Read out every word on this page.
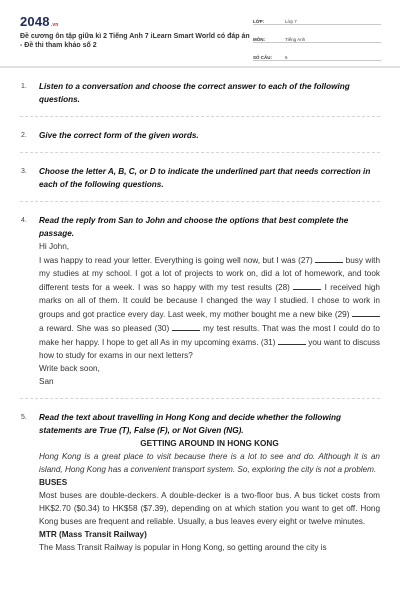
2048.vn
Đề cương ôn tập giữa kì 2 Tiếng Anh 7 iLearn Smart World có đáp án - Đề thi tham khảo số 2
LỚP:	Lớp 7
MÔN:	Tiếng Anh
SỐ CÂU:	6
1. Listen to a conversation and choose the correct answer to each of the following questions.
2. Give the correct form of the given words.
3. Choose the letter A, B, C, or D to indicate the underlined part that needs correction in each of the following questions.
4. Read the reply from San to John and choose the options that best complete the passage.
Hi John,
I was happy to read your letter. Everything is going well now, but I was (27)	busy with my studies at my school. I got a lot of projects to work on, did a lot of homework, and took different tests for a week. I was so happy with my test results (28)	I received high marks on all of them. It could be because I changed the way I studied. I chose to work in groups and got practice every day. Last week, my mother bought me a new bike (29)  a reward. She was so pleased (30)	my test results. That was the most I could do to make her happy. I hope to get all As in my upcoming exams. (31)	you want to discuss how to study for exams in our next letters?
Write back soon,
San
5. Read the text about travelling in Hong Kong and decide whether the following statements are True (T), False (F), or Not Given (NG).
GETTING AROUND IN HONG KONG
Hong Kong is a great place to visit because there is a lot to see and do. Although it is an island, Hong Kong has a convenient transport system. So, exploring the city is not a problem.
BUSES
Most buses are double-deckers. A double-decker is a two-floor bus. A bus ticket costs from HK$2.70 ($0.34) to HK$58 ($7.39), depending on at which station you want to get off. Hong Kong buses are frequent and reliable. Usually, a bus leaves every eight or twelve minutes.
MTR (Mass Transit Railway)
The Mass Transit Railway is popular in Hong Kong, so getting around the city is
